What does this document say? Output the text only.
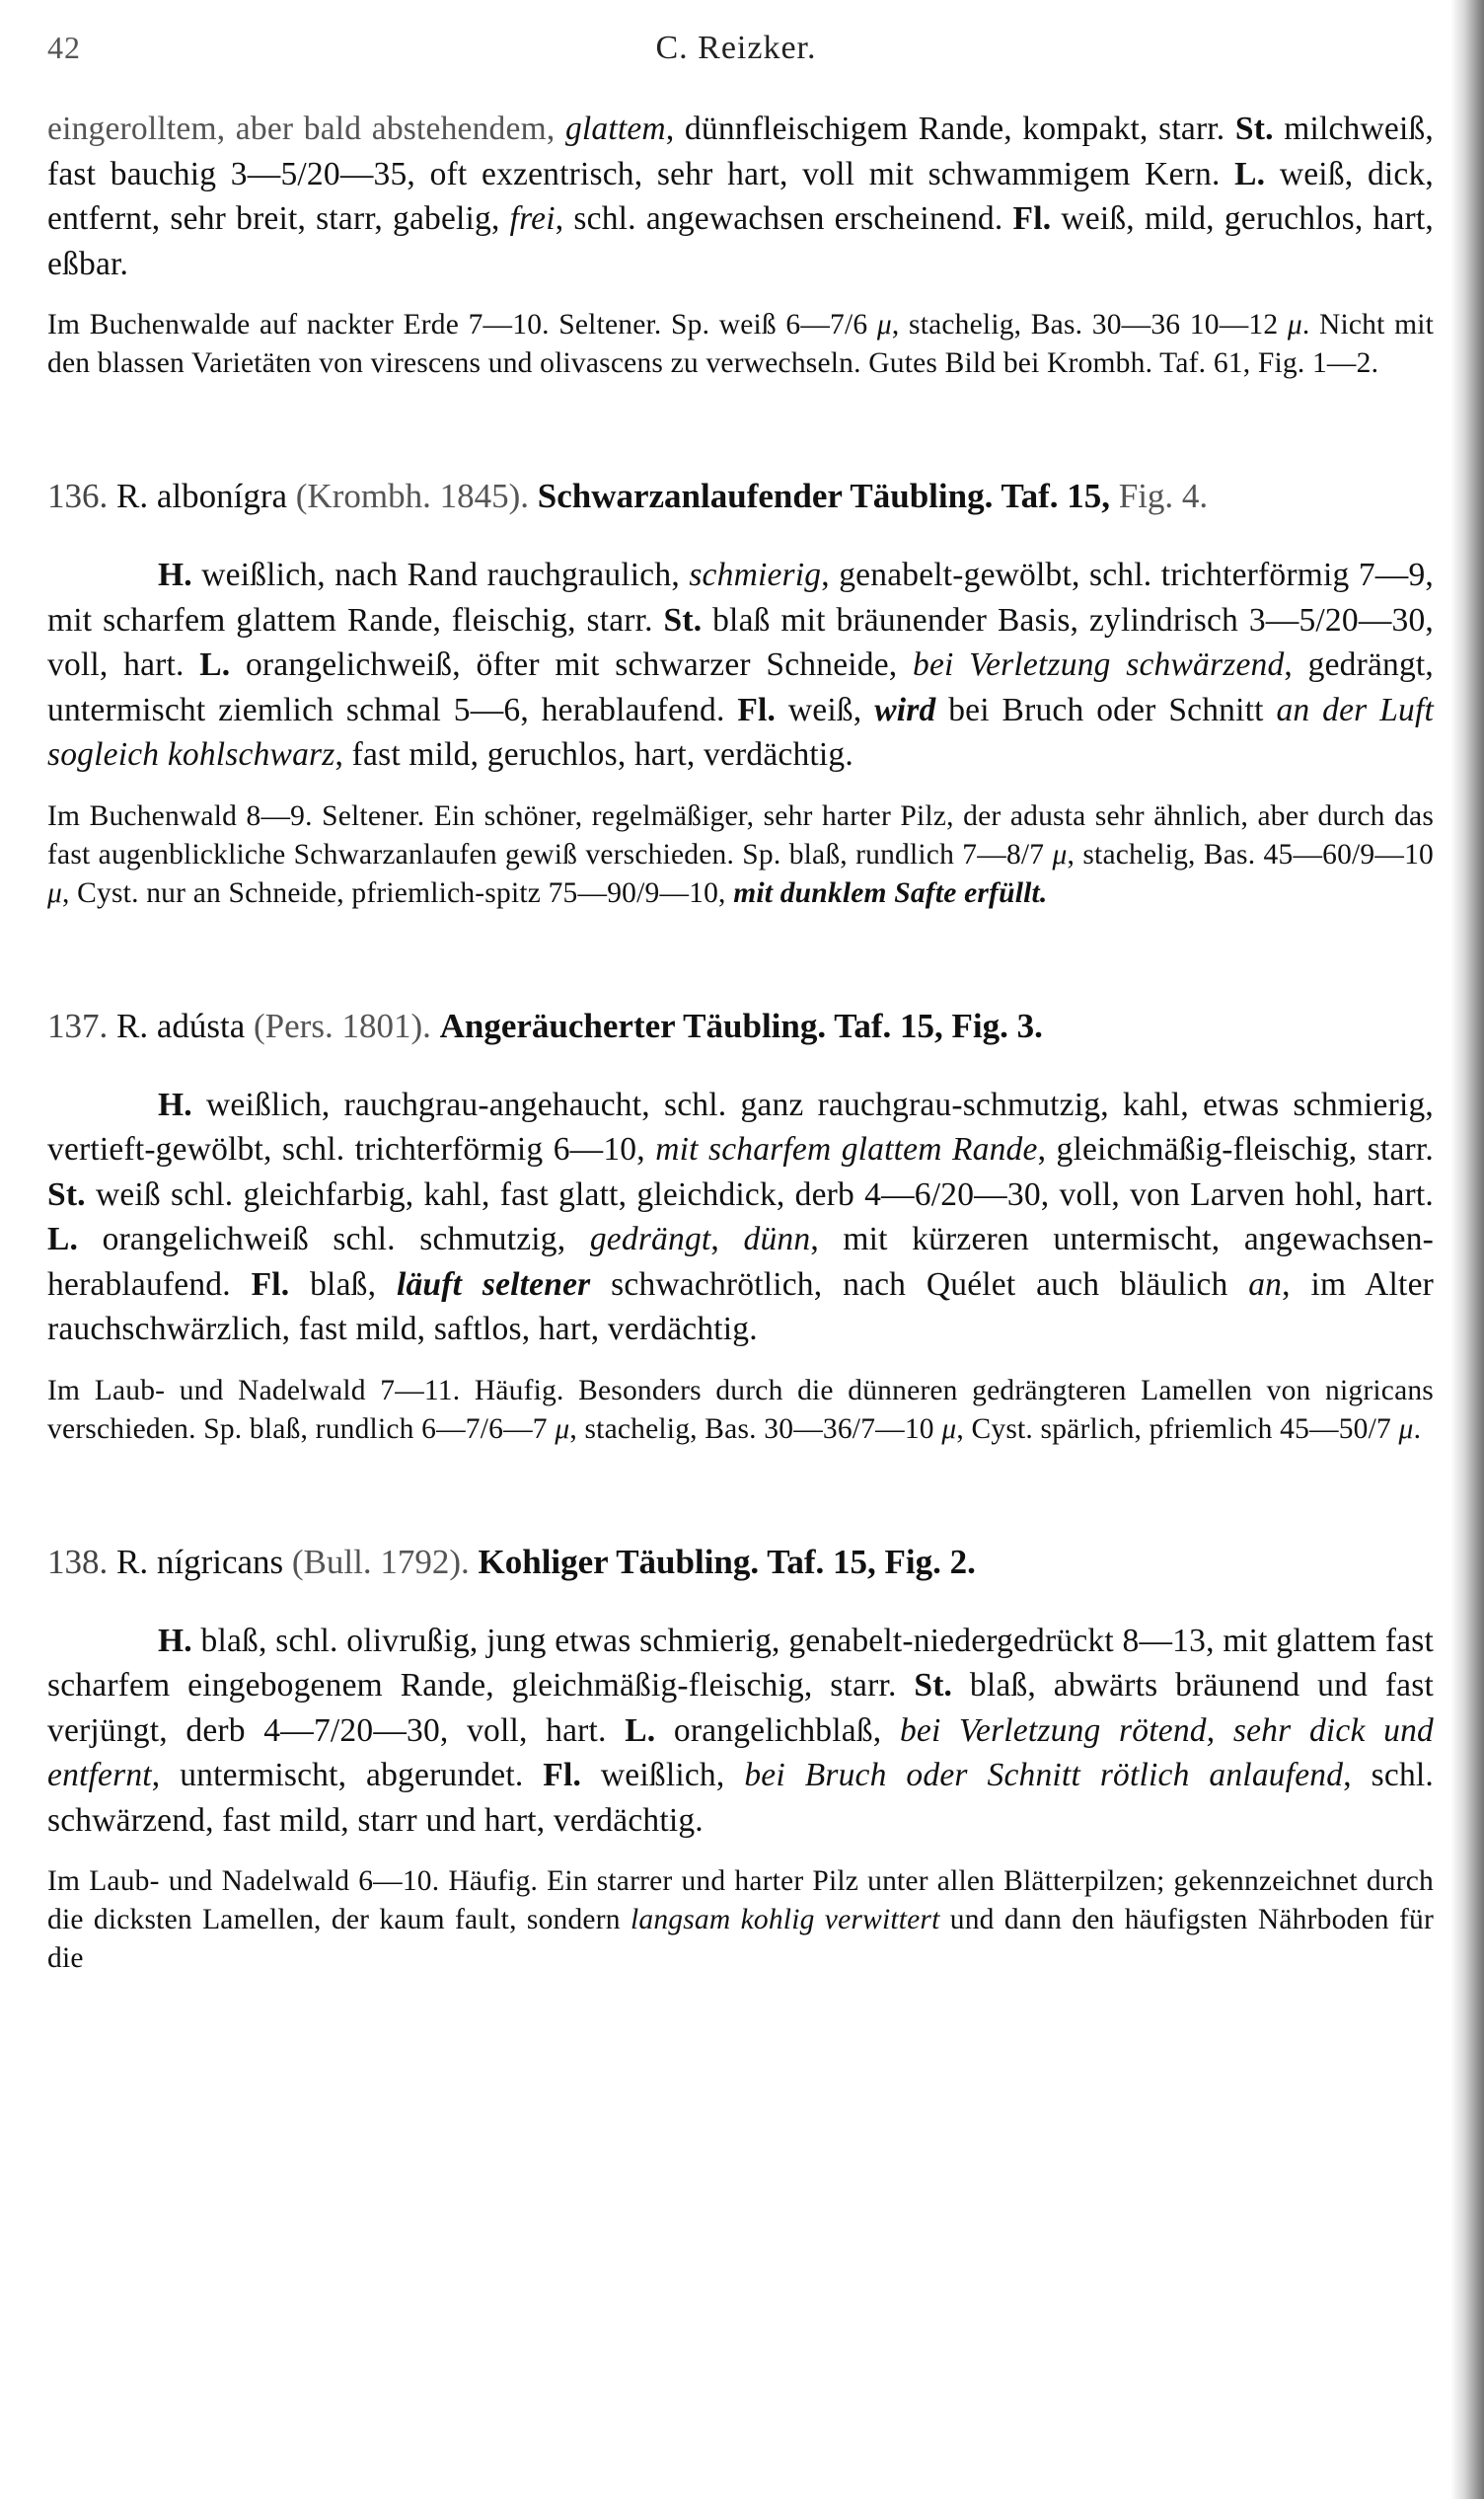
42	C. Reizker.

eingerolltem, aber bald abstehendem, glattem, dünnfleischigem Rande, kompakt, starr. St. milchweiß, fast bauchig 3—5/20—35, oft exzentrisch, sehr hart, voll mit schwammigem Kern. L. weiß, dick, entfernt, sehr breit, starr, gabelig, frei, schl. angewachsen erscheinend. Fl. weiß, mild, geruchlos, hart, eßbar.

Im Buchenwalde auf nackter Erde 7—10. Seltener. Sp. weiß 6—7/6 μ, stachelig, Bas. 30—36 10—12 μ. Nicht mit den blassen Varietäten von virescens und olivascens zu verwechseln. Gutes Bild bei Krombh. Taf. 61, Fig. 1—2.

136. R. albonígra (Krombh. 1845). Schwarzanlaufender Täubling. Taf. 15, Fig. 4.

H. weißlich, nach Rand rauchgraulich, schmierig, genabelt-gewölbt, schl. trichterförmig 7—9, mit scharfem glattem Rande, fleischig, starr. St. blaß mit bräunender Basis, zylindrisch 3—5/20—30, voll, hart. L. orangelichweiß, öfter mit schwarzer Schneide, bei Verletzung schwärzend, gedrängt, untermischt ziemlich schmal 5—6, herablaufend. Fl. weiß, wird bei Bruch oder Schnitt an der Luft sogleich kohlschwarz, fast mild, geruchlos, hart, verdächtig.

Im Buchenwald 8—9. Seltener. Ein schöner, regelmäßiger, sehr harter Pilz, der adusta sehr ähnlich, aber durch das fast augenblickliche Schwarzanlaufen gewiß verschieden. Sp. blaß, rundlich 7—8/7 μ, stachelig, Bas. 45—60/9—10 μ, Cyst. nur an Schneide, pfriemlich-spitz 75—90/9—10, mit dunklem Safte erfüllt.

137. R. adústa (Pers. 1801). Angeräucherter Täubling. Taf. 15, Fig. 3.

H. weißlich, rauchgrau-angehaucht, schl. ganz rauchgrau-schmutzig, kahl, etwas schmierig, vertieft-gewölbt, schl. trichterförmig 6—10, mit scharfem glattem Rande, gleichmäßig-fleischig, starr. St. weiß schl. gleichfarbig, kahl, fast glatt, gleichdick, derb 4—6/20—30, voll, von Larven hohl, hart. L. orangelichweiß schl. schmutzig, gedrängt, dünn, mit kürzeren untermischt, angewachsen-herablaufend. Fl. blaß, läuft seltener schwachrötlich, nach Quélet auch bläulich an, im Alter rauchschwärzlich, fast mild, saftlos, hart, verdächtig.

Im Laub- und Nadelwald 7—11. Häufig. Besonders durch die dünneren gedrängteren Lamellen von nigricans verschieden. Sp. blaß, rundlich 6—7/6—7 μ, stachelig, Bas. 30—36/7—10 μ, Cyst. spärlich, pfriemlich 45—50/7 μ.

138. R. nígricans (Bull. 1792). Kohliger Täubling. Taf. 15, Fig. 2.

H. blaß, schl. olivrußig, jung etwas schmierig, genabelt-niedergedrückt 8—13, mit glattem fast scharfem eingebogenem Rande, gleichmäßig-fleischig, starr. St. blaß, abwärts bräunend und fast verjüngt, derb 4—7/20—30, voll, hart. L. orangelichblaß, bei Verletzung rötend, sehr dick und entfernt, untermischt, abgerundet. Fl. weißlich, bei Bruch oder Schnitt rötlich anlaufend, schl. schwärzend, fast mild, starr und hart, verdächtig.

Im Laub- und Nadelwald 6—10. Häufig. Ein starrer und harter Pilz unter allen Blätterpilzen; gekennzeichnet durch die dicksten Lamellen, der kaum fault, sondern langsam kohlig verwittert und dann den häufigsten Nährboden für die
